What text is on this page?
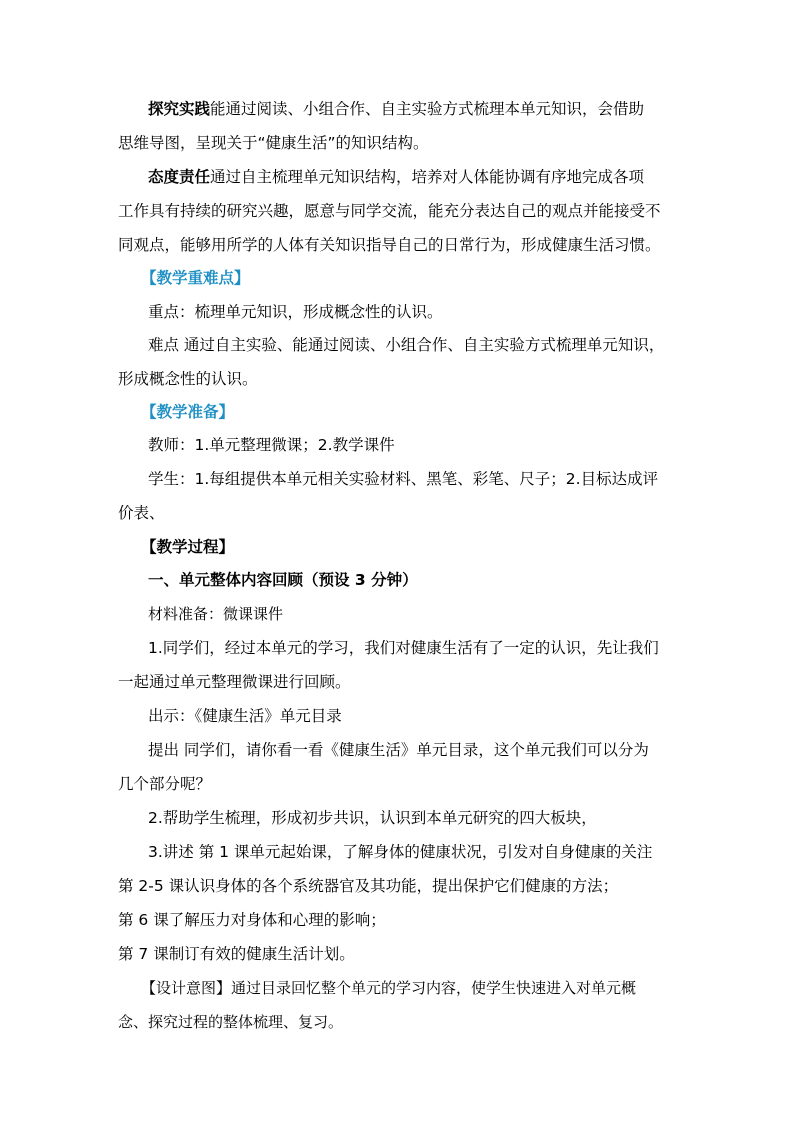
探究实践能通过阅读、小组合作、自主实验方式梳理本单元知识，会借助
思维导图，呈现关于“健康生活”的知识结构。
态度责任通过自主梳理单元知识结构，培养对人体能协调有序地完成各项
工作具有持续的研究兴趣，愿意与同学交流，能充分表达自己的观点并能接受不
同观点，能够用所学的人体有关知识指导自己的日常行为，形成健康生活习惯。
【教学重难点】
重点：梳理单元知识，形成概念性的认识。
难点 通过自主实验、能通过阅读、小组合作、自主实验方式梳理单元知识，
形成概念性的认识。
【教学准备】
教师：1.单元整理微课；2.教学课件
学生：1.每组提供本单元相关实验材料、黑笔、彩笔、尺子；2.目标达成评
价表、
【教学过程】
一、单元整体内容回顾（预设 3 分钟）
材料准备：微课课件
1.同学们，经过本单元的学习，我们对健康生活有了一定的认识，先让我们
一起通过单元整理微课进行回顾。
出示：《健康生活》单元目录
提出 同学们，请你看一看《健康生活》单元目录，这个单元我们可以分为
几个部分呢？
2.帮助学生梳理，形成初步共识，认识到本单元研究的四大板块，
3.讲述 第 1 课单元起始课，了解身体的健康状况，引发对自身健康的关注
第 2-5 课认识身体的各个系统器官及其功能，提出保护它们健康的方法；
第 6 课了解压力对身体和心理的影响；
第 7 课制订有效的健康生活计划。
【设计意图】通过目录回忆整个单元的学习内容，使学生快速进入对单元概
念、探究过程的整体梳理、复习。
